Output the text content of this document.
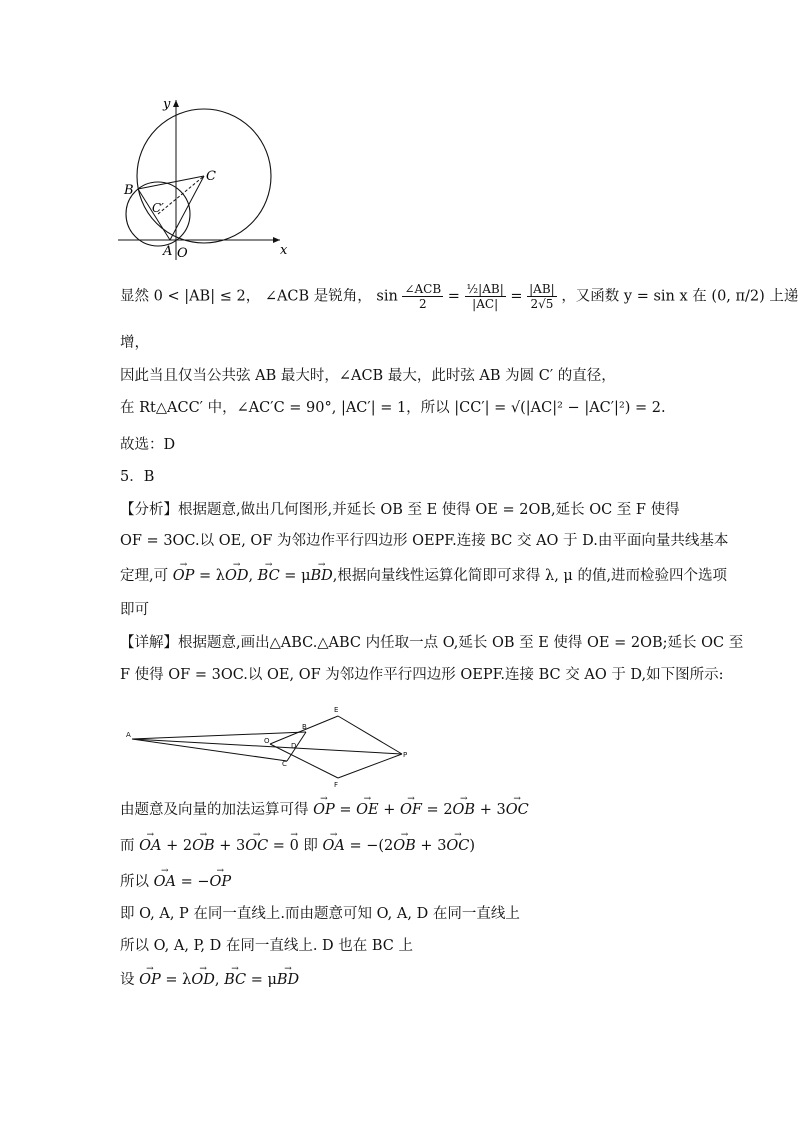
y
x
B
C
C′
A O
显然 0 < |AB| ≤ 2， ∠ACB 是锐角， $\sin \frac{\text{∠ACB}}{2} = \frac{\text{½|AB|}}{|AC|} = \frac{|AB|}{2√5}$ ，又函数 y = sin x 在 (0, π/2) 上递
增，
因此当且仅当公共弦 AB 最大时，∠ACB 最大，此时弦 AB 为圆 C′ 的直径，
在 Rt△ACC′ 中，∠AC′C = 90°, |AC′| = 1，所以 |CC′| = √(|AC|² − |AC′|²) = 2.
故选：D
5．B
【分析】根据题意,做出几何图形,并延长 OB 至 E 使得 OE = 2OB,延长 OC 至 F 使得
OF = 3OC.以 OE, OF 为邻边作平行四边形 OEPF.连接 BC 交 AO 于 D.由平面向量共线基本
定理,可 → OP = λ→ OD, → BC = μ→ BD,根据向量线性运算化简即可求得 λ, μ 的值,进而检验四个选项
即可
【详解】根据题意,画出△ABC.△ABC 内任取一点 O,延长 OB 至 E 使得 OE = 2OB;延长 OC 至
F 使得 OF = 3OC.以 OE, OF 为邻边作平行四边形 OEPF.连接 BC 交 AO 于 D,如下图所示:
A
B
C
O
D
E
F
P
由题意及向量的加法运算可得 → OP = → OE + → OF = 2→ OB + 3→ OC
而 → OA + 2→ OB + 3→ OC = → 0 即 → OA = −(2→ OB + 3→ OC)
所以 → OA = −→ OP
即 O, A, P 在同一直线上.而由题意可知 O, A, D 在同一直线上
所以 O, A, P, D 在同一直线上. D 也在 BC 上
设 → OP = λ→ OD, → BC = μ→ BD
